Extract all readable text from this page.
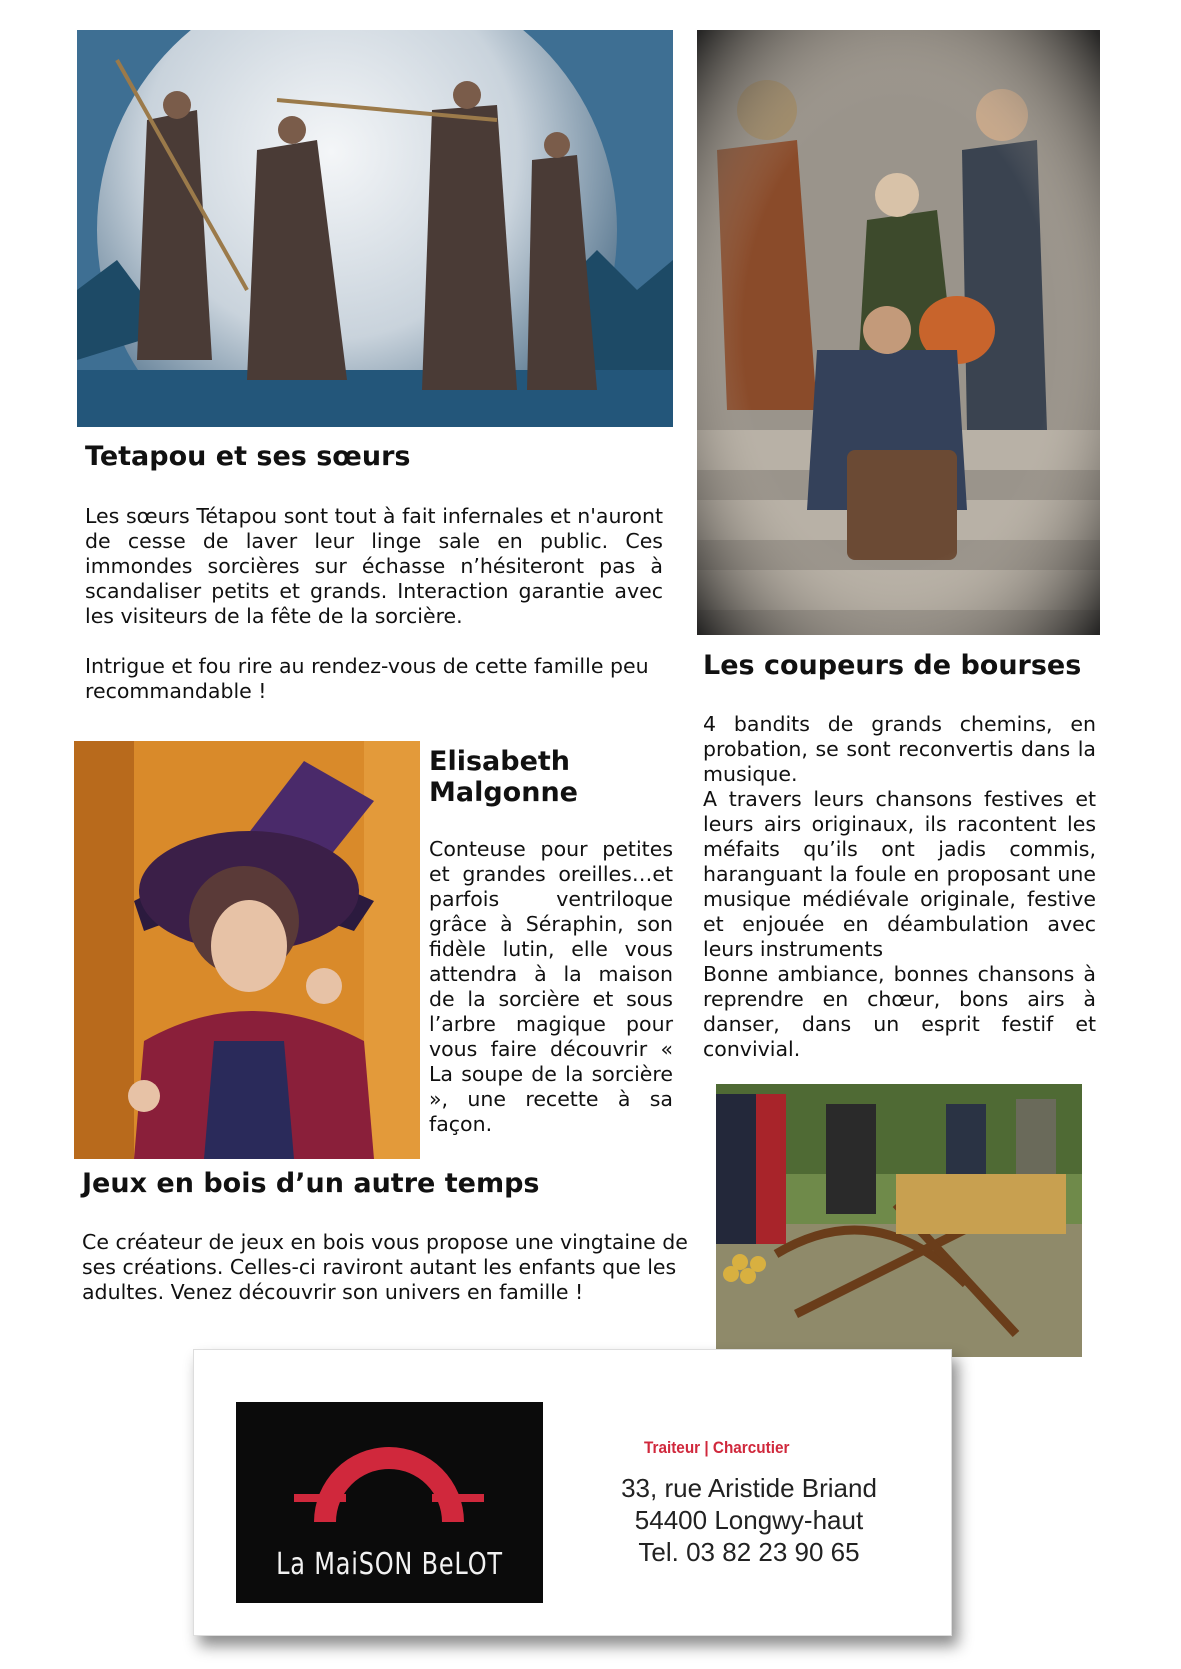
Tetapou et ses sœurs

Les sœurs Tétapou sont tout à fait infernales et n'auront de cesse de laver leur linge sale en public. Ces immondes sorcières sur échasse n’hésiteront pas à scandaliser petits et grands. Interaction garantie avec les visiteurs de la fête de la sorcière.

Intrigue et fou rire au rendez-vous de cette famille peu recommandable !

Les coupeurs de bourses

4 bandits de grands chemins, en probation, se sont reconvertis dans la musique.

A travers leurs chansons festives et leurs airs originaux, ils racontent les méfaits qu’ils ont jadis commis, haranguant la foule en proposant une musique médiévale originale, festive et enjouée en déambulation avec leurs instruments

Bonne ambiance, bonnes chansons à reprendre en chœur, bons airs à danser, dans un esprit festif et convivial.

Elisabeth
Malgonne

Conteuse pour petites et grandes oreilles…et parfois ventriloque grâce à Séraphin, son fidèle lutin, elle vous attendra à la maison de la sorcière et sous l’arbre magique pour vous faire découvrir « La soupe de la sorcière », une recette à sa façon.

Jeux en bois d’un autre temps

Ce créateur de jeux en bois vous propose une vingtaine de ses créations. Celles-ci raviront autant les enfants que les adultes. Venez découvrir son univers en famille !

La MaiSON BeLOT
Traiteur | Charcutier
33, rue Aristide Briand
54400 Longwy-haut
Tel. 03 82 23 90 65
